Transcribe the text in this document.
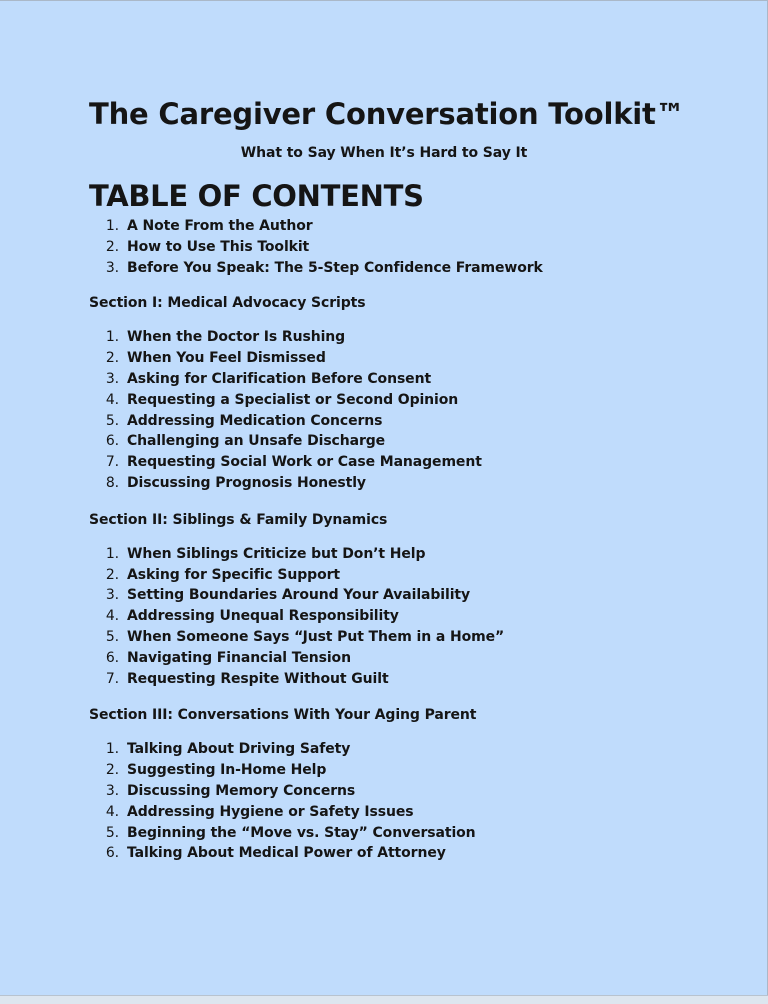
The Caregiver Conversation Toolkit™
What to Say When It’s Hard to Say It
TABLE OF CONTENTS
1. A Note From the Author
2. How to Use This Toolkit
3. Before You Speak: The 5-Step Confidence Framework
Section I: Medical Advocacy Scripts
1. When the Doctor Is Rushing
2. When You Feel Dismissed
3. Asking for Clarification Before Consent
4. Requesting a Specialist or Second Opinion
5. Addressing Medication Concerns
6. Challenging an Unsafe Discharge
7. Requesting Social Work or Case Management
8. Discussing Prognosis Honestly
Section II: Siblings & Family Dynamics
1. When Siblings Criticize but Don’t Help
2. Asking for Specific Support
3. Setting Boundaries Around Your Availability
4. Addressing Unequal Responsibility
5. When Someone Says “Just Put Them in a Home”
6. Navigating Financial Tension
7. Requesting Respite Without Guilt
Section III: Conversations With Your Aging Parent
1. Talking About Driving Safety
2. Suggesting In-Home Help
3. Discussing Memory Concerns
4. Addressing Hygiene or Safety Issues
5. Beginning the “Move vs. Stay” Conversation
6. Talking About Medical Power of Attorney
